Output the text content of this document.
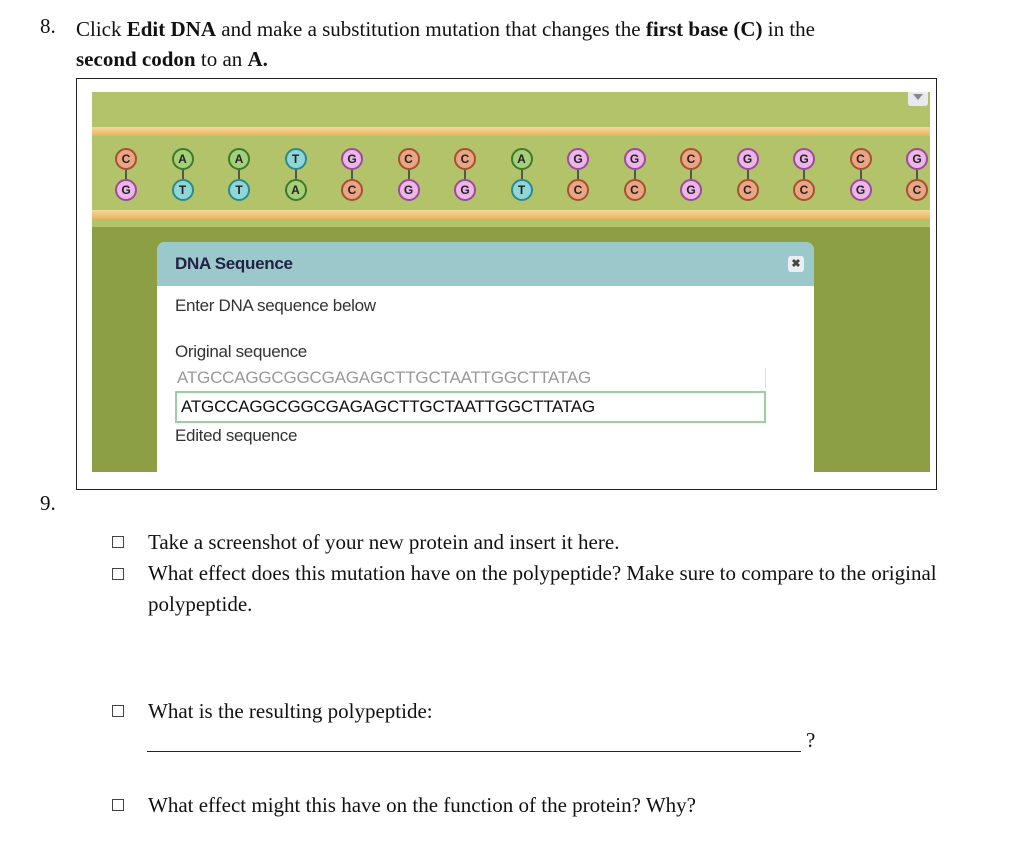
8. Click Edit DNA and make a substitution mutation that changes the first base (C) in the
second codon to an A.
C
G
A
T
A
T
T
A
G
C
C
G
C
G
A
T
G
C
G
C
C
G
G
C
G
C
C
G
G
C
DNA Sequence	✖
Enter DNA sequence below
Original sequence
ATGCCAGGCGGCGAGAGCTTGCTAATTGGCTTATAG
ATGCCAGGCGGCGAGAGCTTGCTAATTGGCTTATAG
Edited sequence
9.
Take a screenshot of your new protein and insert it here.
What effect does this mutation have on the polypeptide? Make sure to compare to the original polypeptide.
What is the resulting polypeptide:
?
What effect might this have on the function of the protein? Why?
